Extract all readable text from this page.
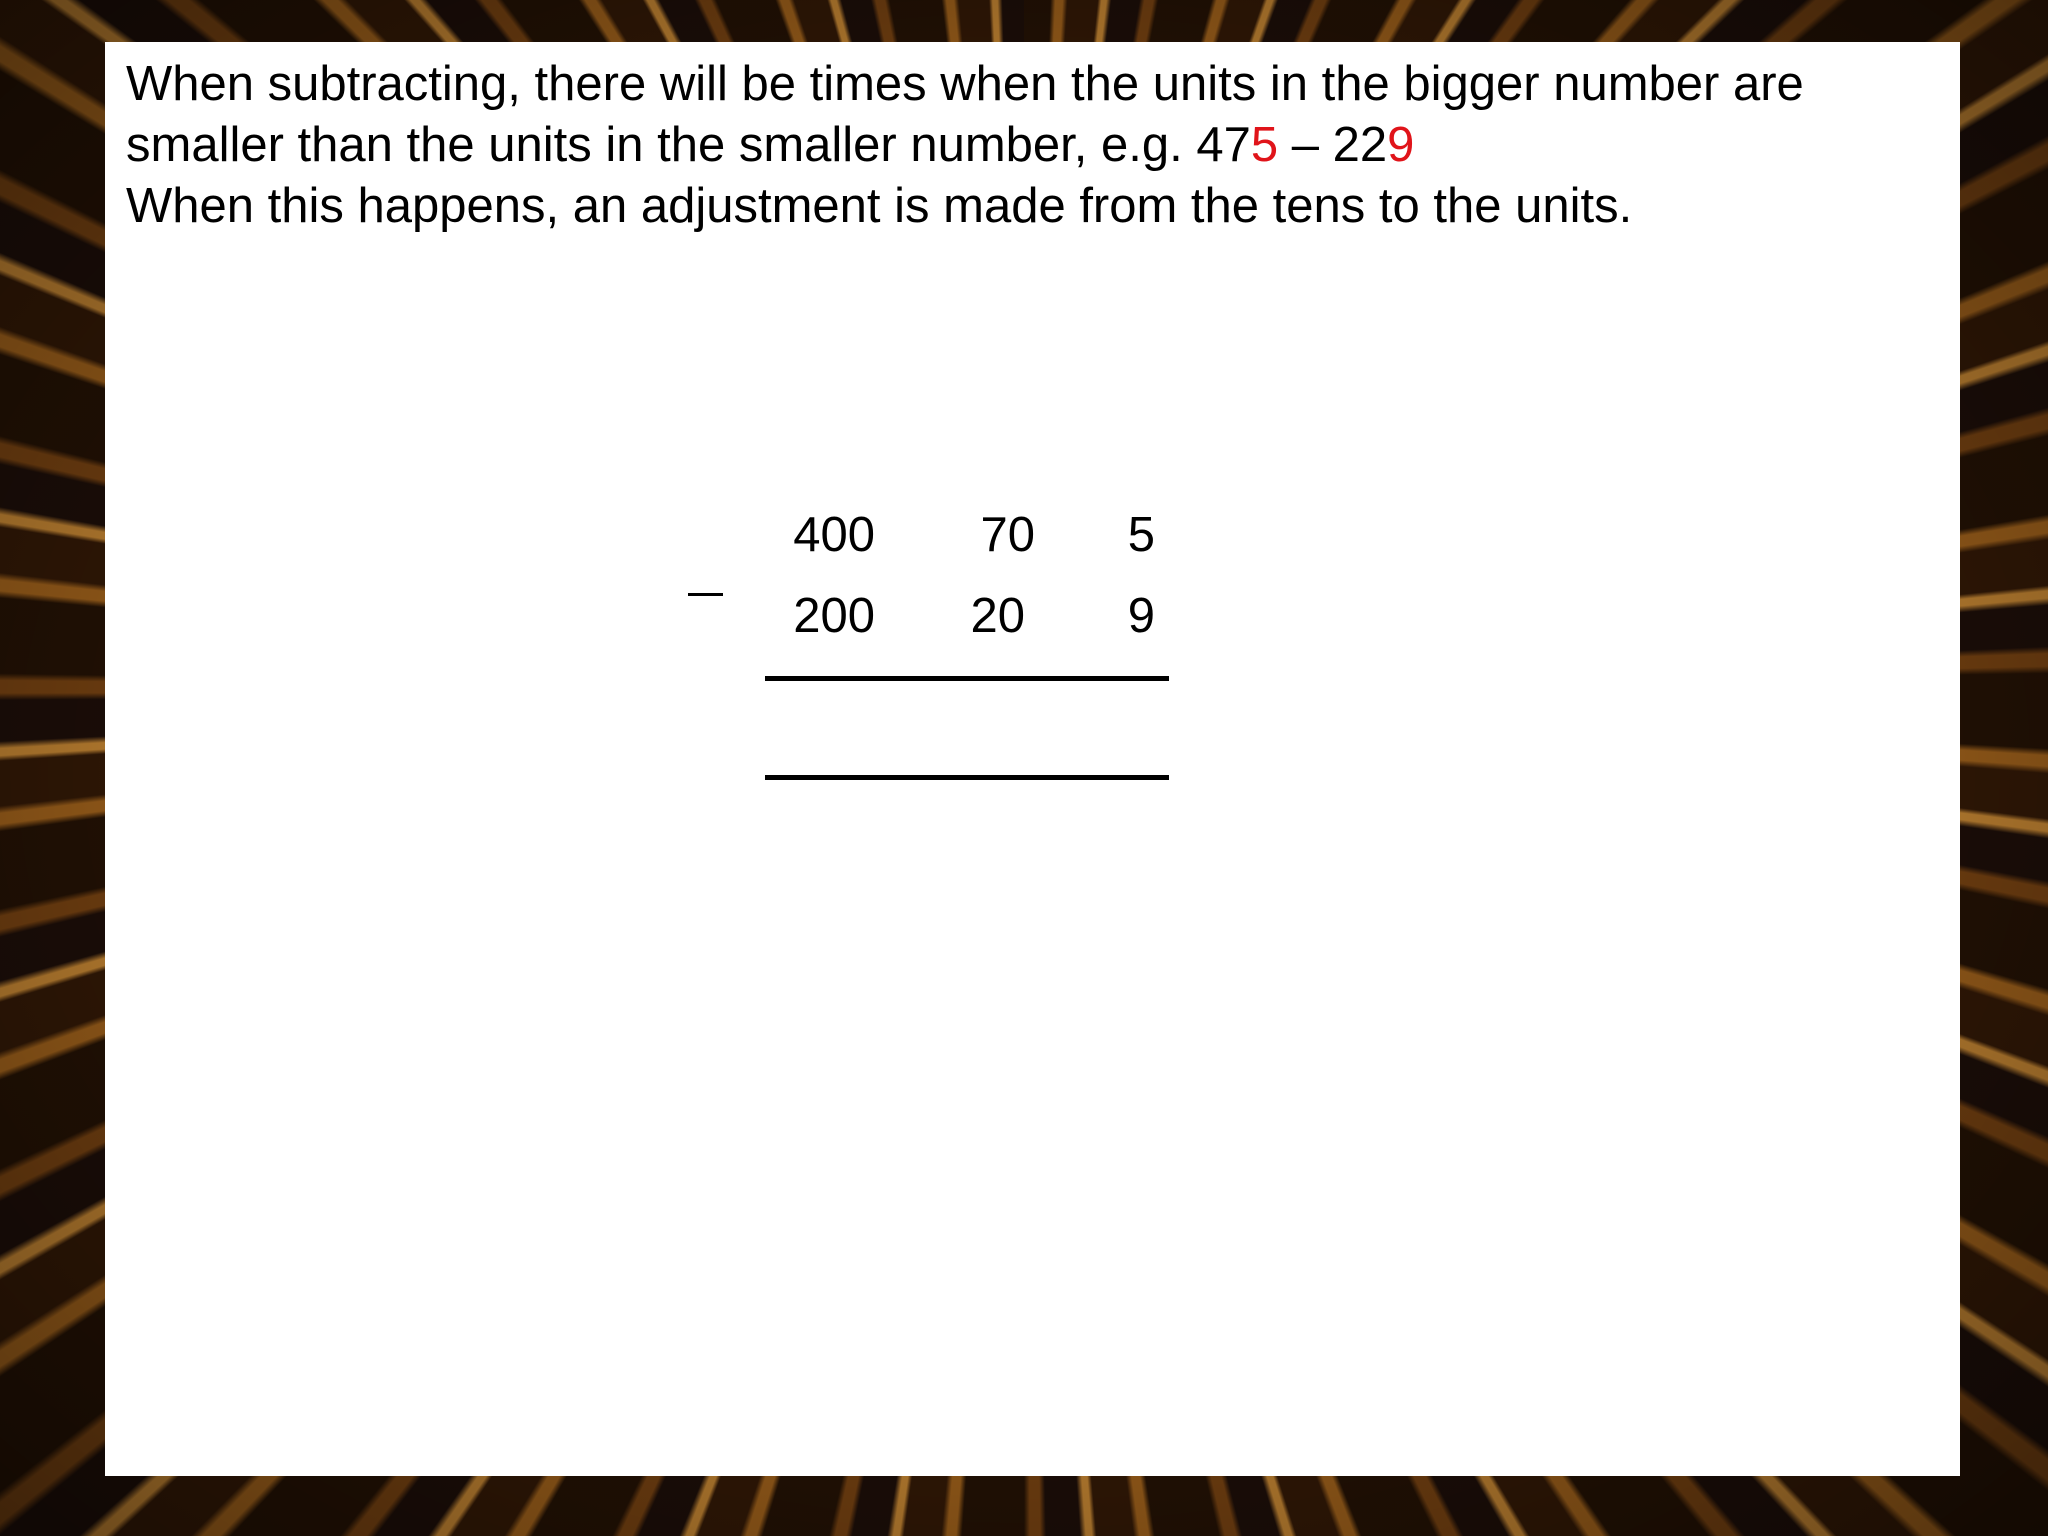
When subtracting, there will be times when the units in the bigger number are
smaller than the units in the smaller number, e.g. 475 – 229
When this happens, an adjustment is made from the tens to the units.

400	70	5
200	20	9
